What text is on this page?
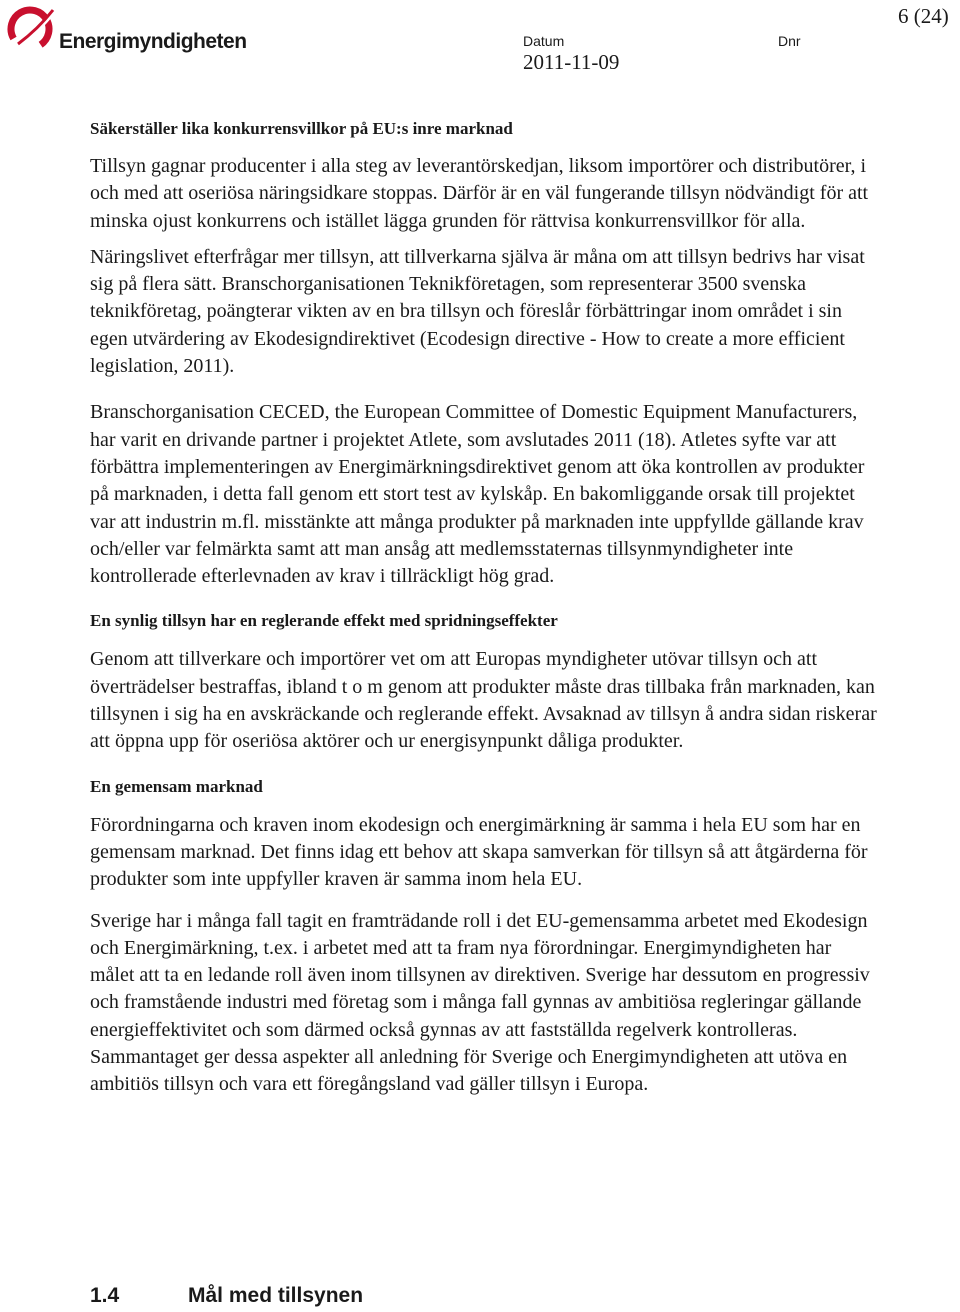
Energimyndigheten	Datum
2011-11-09
Dnr
6 (24)
Säkerställer lika konkurrensvillkor på EU:s inre marknad

Tillsyn gagnar producenter i alla steg av leverantörskedjan, liksom importörer och distributörer, i och med att oseriösa näringsidkare stoppas. Därför är en väl fungerande tillsyn nödvändigt för att minska ojust konkurrens och istället lägga grunden för rättvisa konkurrensvillkor för alla.

Näringslivet efterfrågar mer tillsyn, att tillverkarna själva är måna om att tillsyn bedrivs har visat sig på flera sätt. Branschorganisationen Teknikföretagen, som representerar 3500 svenska teknikföretag, poängterar vikten av en bra tillsyn och föreslår förbättringar inom området i sin egen utvärdering av Ekodesigndirektivet (Ecodesign directive - How to create a more efficient legislation, 2011).

Branschorganisation CECED, the European Committee of Domestic Equipment Manufacturers, har varit en drivande partner i projektet Atlete, som avslutades 2011 (18). Atletes syfte var att förbättra implementeringen av Energimärkningsdirektivet genom att öka kontrollen av produkter på marknaden, i detta fall genom ett stort test av kylskåp. En bakomliggande orsak till projektet var att industrin m.fl. misstänkte att många produkter på marknaden inte uppfyllde gällande krav och/eller var felmärkta samt att man ansåg att medlemsstaternas tillsynmyndigheter inte kontrollerade efterlevnaden av krav i tillräckligt hög grad.

En synlig tillsyn har en reglerande effekt med spridningseffekter

Genom att tillverkare och importörer vet om att Europas myndigheter utövar tillsyn och att överträdelser bestraffas, ibland t o m genom att produkter måste dras tillbaka från marknaden, kan tillsynen i sig ha en avskräckande och reglerande effekt. Avsaknad av tillsyn å andra sidan riskerar att öppna upp för oseriösa aktörer och ur energisynpunkt dåliga produkter.

En gemensam marknad

Förordningarna och kraven inom ekodesign och energimärkning är samma i hela EU som har en gemensam marknad. Det finns idag ett behov att skapa samverkan för tillsyn så att åtgärderna för produkter som inte uppfyller kraven är samma inom hela EU.

Sverige har i många fall tagit en framträdande roll i det EU-gemensamma arbetet med Ekodesign och Energimärkning, t.ex. i arbetet med att ta fram nya förordningar. Energimyndigheten har målet att ta en ledande roll även inom tillsynen av direktiven. Sverige har dessutom en progressiv och framstående industri med företag som i många fall gynnas av ambitiösa regleringar gällande energieffektivitet och som därmed också gynnas av att fastställda regelverk kontrolleras. Sammantaget ger dessa aspekter all anledning för Sverige och Energimyndigheten att utöva en ambitiös tillsyn och vara ett föregångsland vad gäller tillsyn i Europa.

1.4	Mål med tillsynen
